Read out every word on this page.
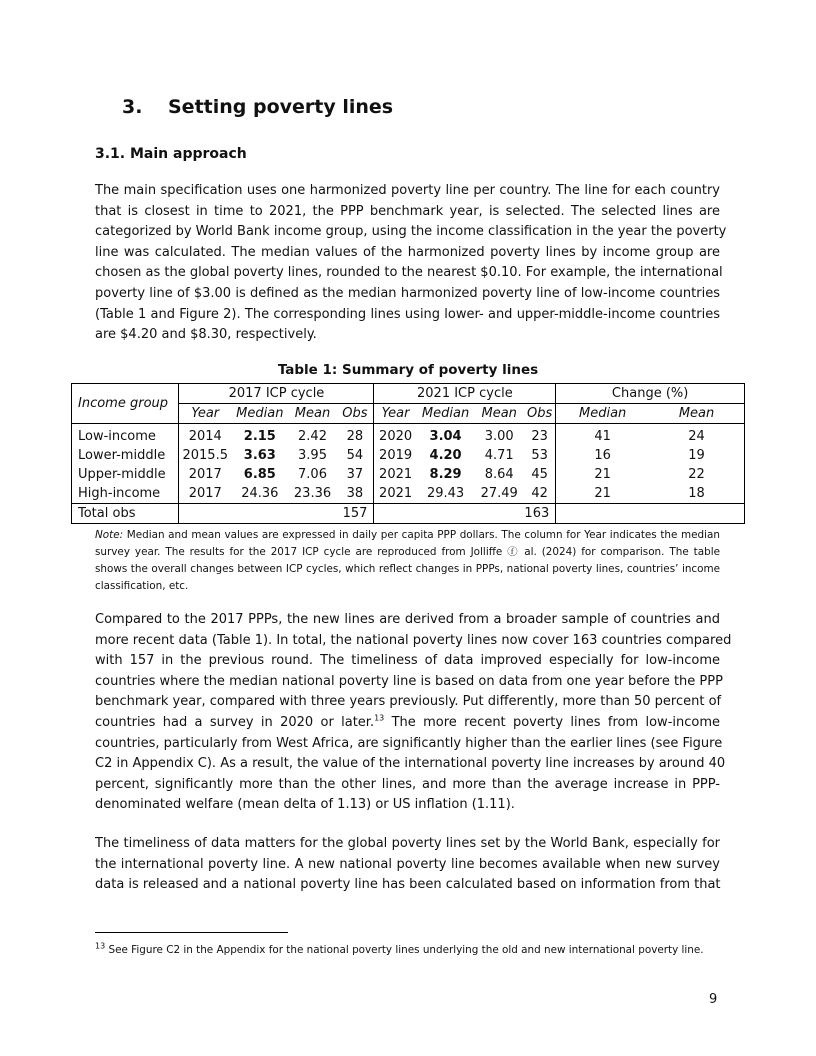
3. Setting poverty lines
3.1. Main approach
The main specification uses one harmonized poverty line per country. The line for each country
that is closest in time to 2021, the PPP benchmark year, is selected. The selected lines are
categorized by World Bank income group, using the income classification in the year the poverty
line was calculated. The median values of the harmonized poverty lines by income group are
chosen as the global poverty lines, rounded to the nearest $0.10. For example, the international
poverty line of $3.00 is defined as the median harmonized poverty line of low-income countries
(Table 1 and Figure 2). The corresponding lines using lower- and upper-middle-income countries
are $4.20 and $8.30, respectively.
Table 1: Summary of poverty lines
Income group	2017 ICP cycle				2021 ICP cycle				Change (%)	
	Year	Median	Mean	Obs	Year	Median	Mean	Obs	Median	Mean
Low-income	2014	2.15	2.42	28	2020	3.04	3.00	23	41	24
Lower-middle	2015.5	3.63	3.95	54	2019	4.20	4.71	53	16	19
Upper-middle	2017	6.85	7.06	37	2021	8.29	8.64	45	21	22
High-income	2017	24.36	23.36	38	2021	29.43	27.49	42	21	18
Total obs	157				163					
Note: Median and mean values are expressed in daily per capita PPP dollars. The column for Year indicates the median
survey year. The results for the 2017 ICP cycle are reproduced from Jolliffe ⓕ al. (2024) for comparison. The table
shows the overall changes between ICP cycles, which reflect changes in PPPs, national poverty lines, countries’ income
classification, etc.
Compared to the 2017 PPPs, the new lines are derived from a broader sample of countries and
more recent data (Table 1). In total, the national poverty lines now cover 163 countries compared
with 157 in the previous round. The timeliness of data improved especially for low-income
countries where the median national poverty line is based on data from one year before the PPP
benchmark year, compared with three years previously. Put differently, more than 50 percent of
countries had a survey in 2020 or later.$^{13}$ The more recent poverty lines from low-income
countries, particularly from West Africa, are significantly higher than the earlier lines (see Figure
C2 in Appendix C). As a result, the value of the international poverty line increases by around 40
percent, significantly more than the other lines, and more than the average increase in PPP-
denominated welfare (mean delta of 1.13) or US inflation (1.11).
The timeliness of data matters for the global poverty lines set by the World Bank, especially for
the international poverty line. A new national poverty line becomes available when new survey
data is released and a national poverty line has been calculated based on information from that
$^{13}$ See Figure C2 in the Appendix for the national poverty lines underlying the old and new international poverty line.
9
